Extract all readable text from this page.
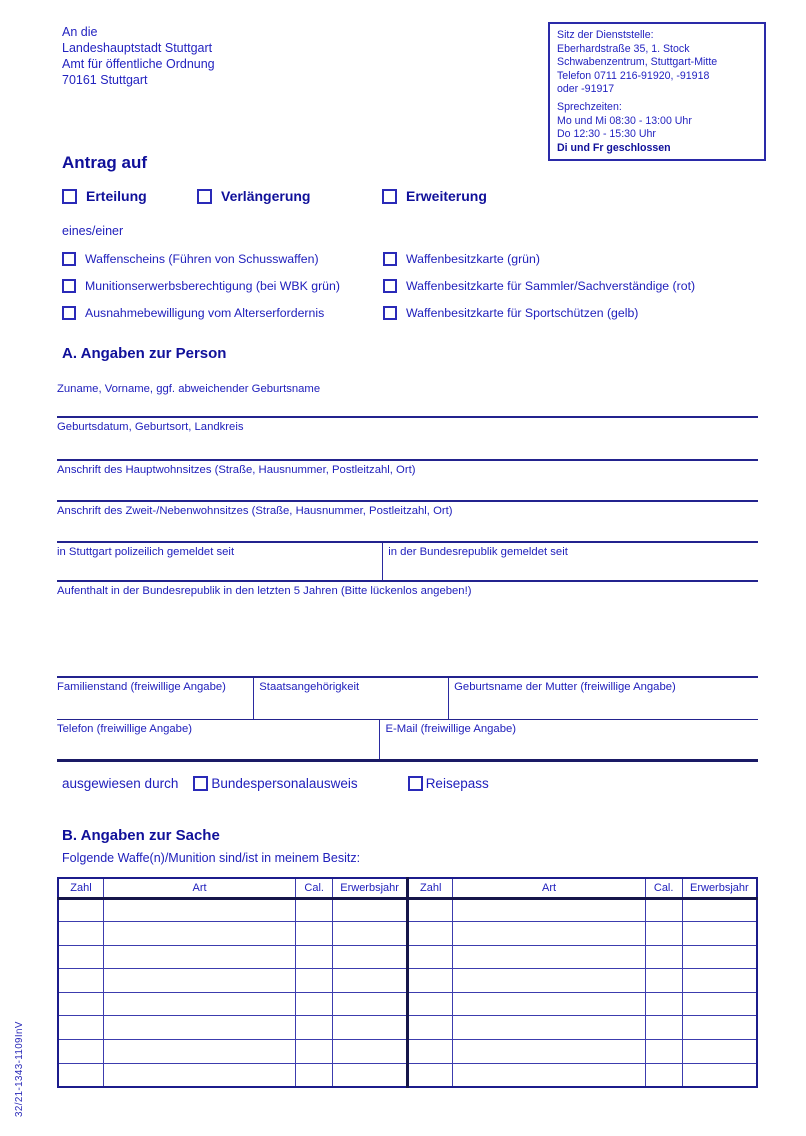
An die
Landeshauptstadt Stuttgart
Amt für öffentliche Ordnung
70161 Stuttgart
Sitz der Dienststelle:
Eberhardstraße 35, 1. Stock
Schwabenzentrum, Stuttgart-Mitte
Telefon 0711 216-91920, -91918
oder -91917
Sprechzeiten:
Mo und Mi 08:30 - 13:00 Uhr
Do 12:30 - 15:30 Uhr
Di und Fr geschlossen
Antrag auf
Erteilung	Verlängerung	Erweiterung
eines/einer
Waffenscheins (Führen von Schusswaffen)
Munitionserwerbsberechtigung (bei WBK grün)
Ausnahmebewilligung vom Alterserfordernis
Waffenbesitzkarte (grün)
Waffenbesitzkarte für Sammler/Sachverständige (rot)
Waffenbesitzkarte für Sportschützen (gelb)
A. Angaben zur Person
Zuname, Vorname, ggf. abweichender Geburtsname
Geburtsdatum, Geburtsort, Landkreis
Anschrift des Hauptwohnsitzes (Straße, Hausnummer, Postleitzahl, Ort)
Anschrift des Zweit-/Nebenwohnsitzes (Straße, Hausnummer, Postleitzahl, Ort)
in Stuttgart polizeilich gemeldet seit	in der Bundesrepublik gemeldet seit
Aufenthalt in der Bundesrepublik in den letzten 5 Jahren (Bitte lückenlos angeben!)
Familienstand (freiwillige Angabe)	Staatsangehörigkeit	Geburtsname der Mutter (freiwillige Angabe)
Telefon (freiwillige Angabe)	E-Mail (freiwillige Angabe)
ausgewiesen durch Bundespersonalausweis	Reisepass
B. Angaben zur Sache
Folgende Waffe(n)/Munition sind/ist in meinem Besitz:
Zahl	Art	Cal.	Erwerbsjahr	Zahl	Art	Cal.	Erwerbsjahr

32/21-1343-1109InV
